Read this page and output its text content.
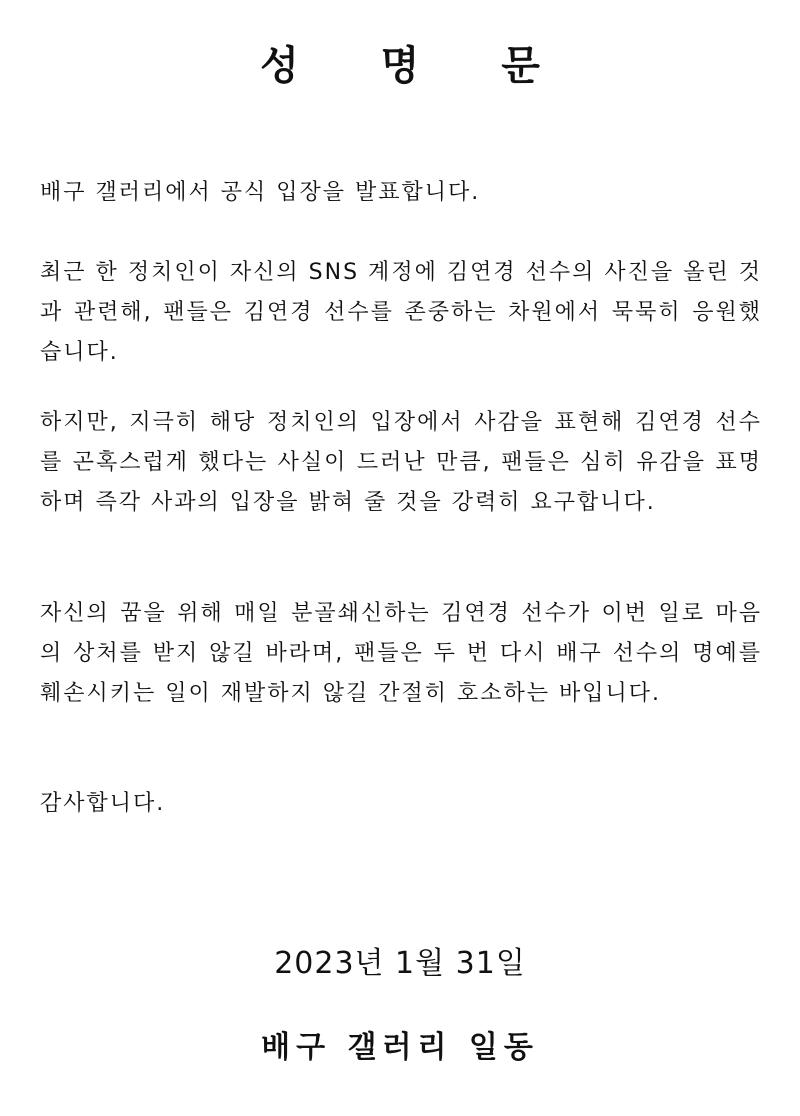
성 명 문

배구 갤러리에서 공식 입장을 발표합니다.

최근 한 정치인이 자신의 SNS 계정에 김연경 선수의 사진을 올린 것과 관련해, 팬들은 김연경 선수를 존중하는 차원에서 묵묵히 응원했습니다.

하지만, 지극히 해당 정치인의 입장에서 사감을 표현해 김연경 선수를 곤혹스럽게 했다는 사실이 드러난 만큼, 팬들은 심히 유감을 표명하며 즉각 사과의 입장을 밝혀 줄 것을 강력히 요구합니다.

자신의 꿈을 위해 매일 분골쇄신하는 김연경 선수가 이번 일로 마음의 상처를 받지 않길 바라며, 팬들은 두 번 다시 배구 선수의 명예를 훼손시키는 일이 재발하지 않길 간절히 호소하는 바입니다.

감사합니다.

2023년 1월 31일
배구 갤러리 일동
